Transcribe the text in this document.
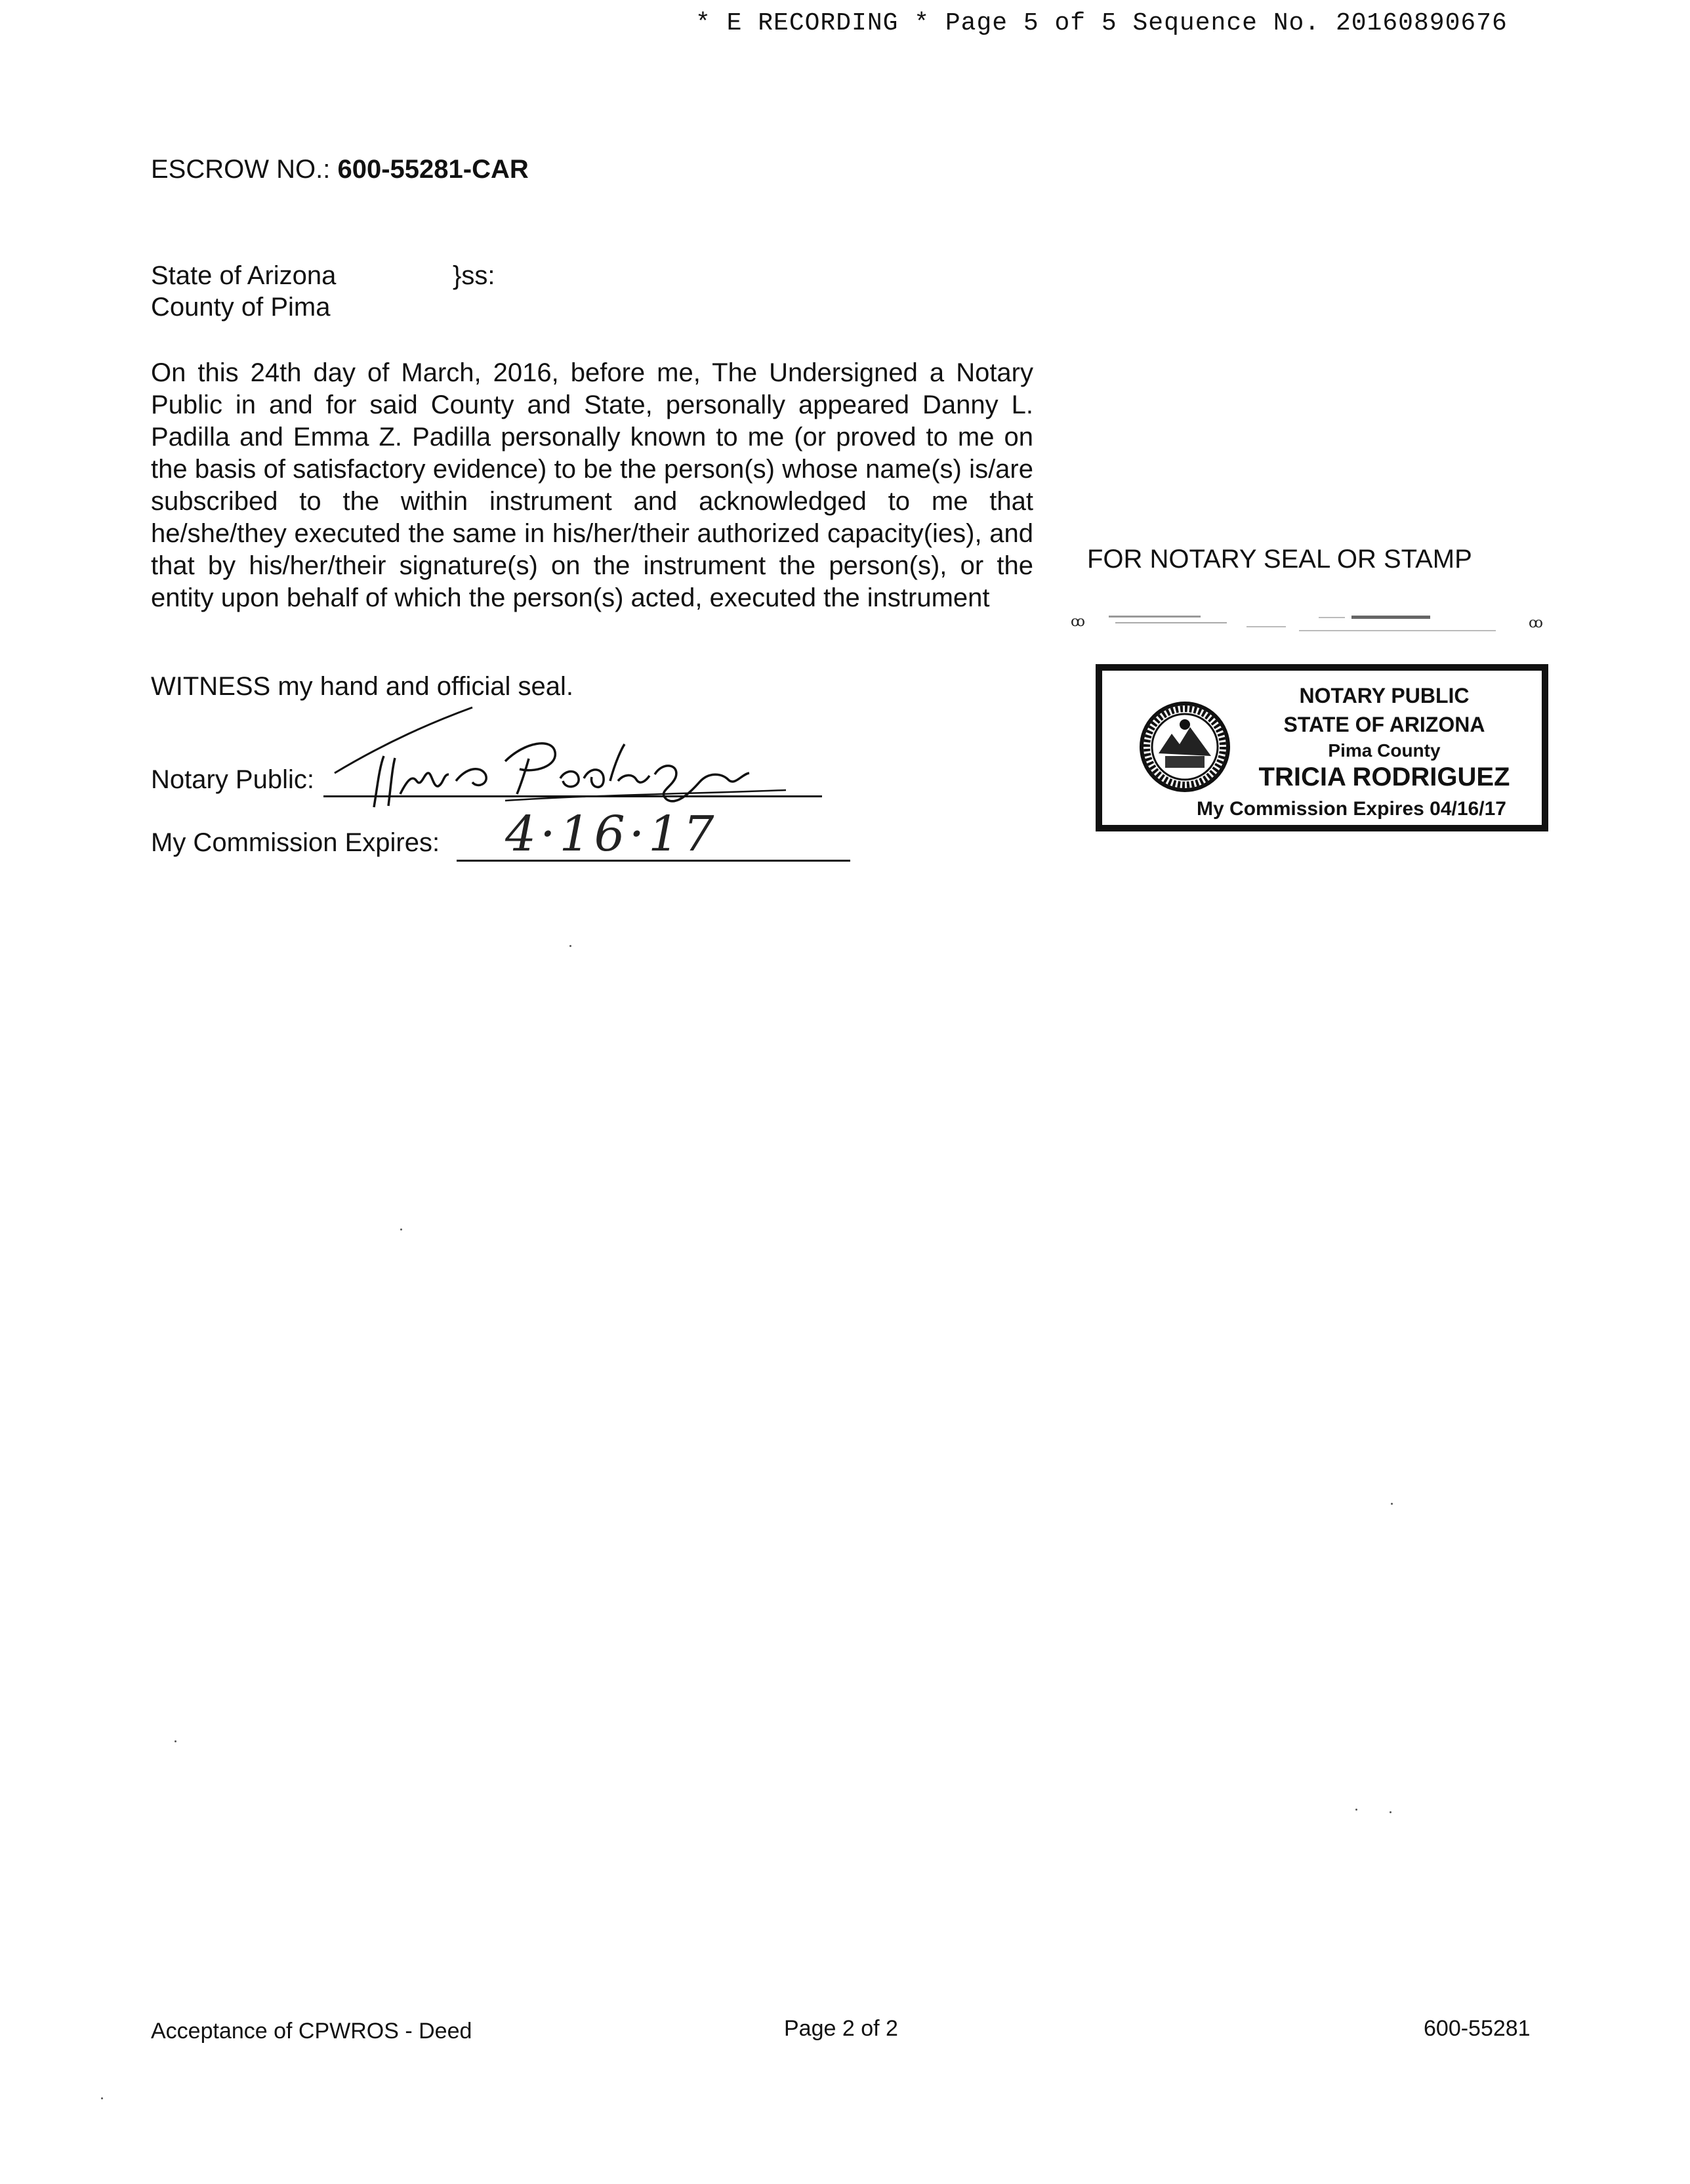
* E RECORDING * Page 5 of 5 Sequence No. 20160890676
ESCROW NO.: 600-55281-CAR
State of Arizona	}ss:
County of Pima
On this 24th day of March, 2016, before me, The Undersigned a Notary Public in and for said County and State, personally appeared Danny L. Padilla and Emma Z. Padilla personally known to me (or proved to me on the basis of satisfactory evidence) to be the person(s) whose name(s) is/are subscribed to the within instrument and acknowledged to me that he/she/they executed the same in his/her/their authorized capacity(ies), and that by his/her/their signature(s) on the instrument the person(s), or the entity upon behalf of which the person(s) acted, executed the instrument
WITNESS my hand and official seal.
Notary Public:
My Commission Expires: 4·16·17
FOR NOTARY SEAL OR STAMP
ꝏ	ꝏ
NOTARY PUBLIC
STATE OF ARIZONA
Pima County
TRICIA RODRIGUEZ
My Commission Expires 04/16/17
Acceptance of CPWROS - Deed	Page 2 of 2	600-55281
